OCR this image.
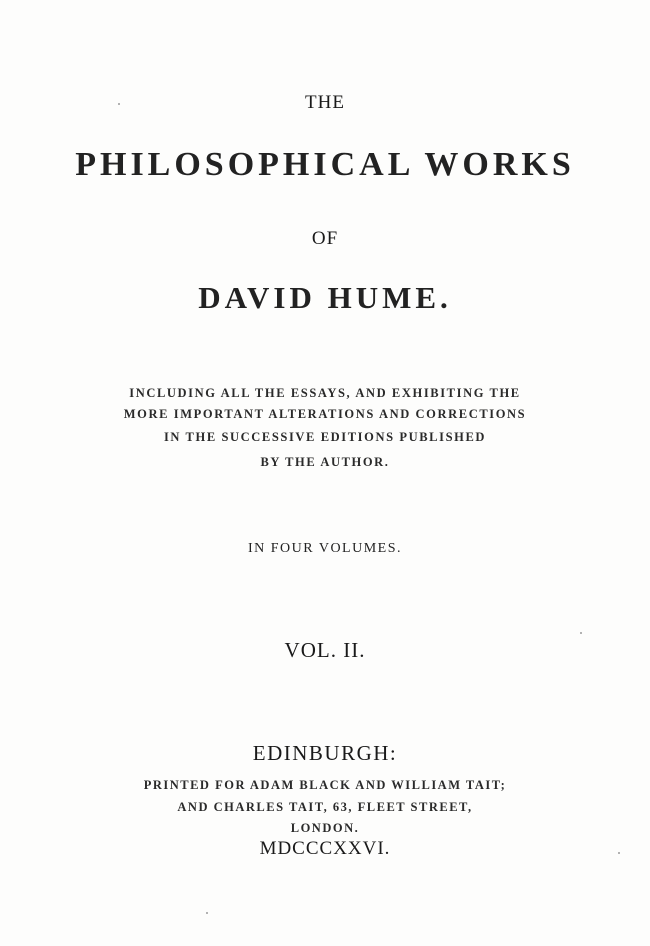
THE
PHILOSOPHICAL WORKS
OF
DAVID HUME.
INCLUDING ALL THE ESSAYS, AND EXHIBITING THE
MORE IMPORTANT ALTERATIONS AND CORRECTIONS
IN THE SUCCESSIVE EDITIONS PUBLISHED
BY THE AUTHOR.
IN FOUR VOLUMES.
VOL. II.
EDINBURGH:
PRINTED FOR ADAM BLACK AND WILLIAM TAIT;
AND CHARLES TAIT, 63, FLEET STREET,
LONDON.
MDCCCXXVI.
